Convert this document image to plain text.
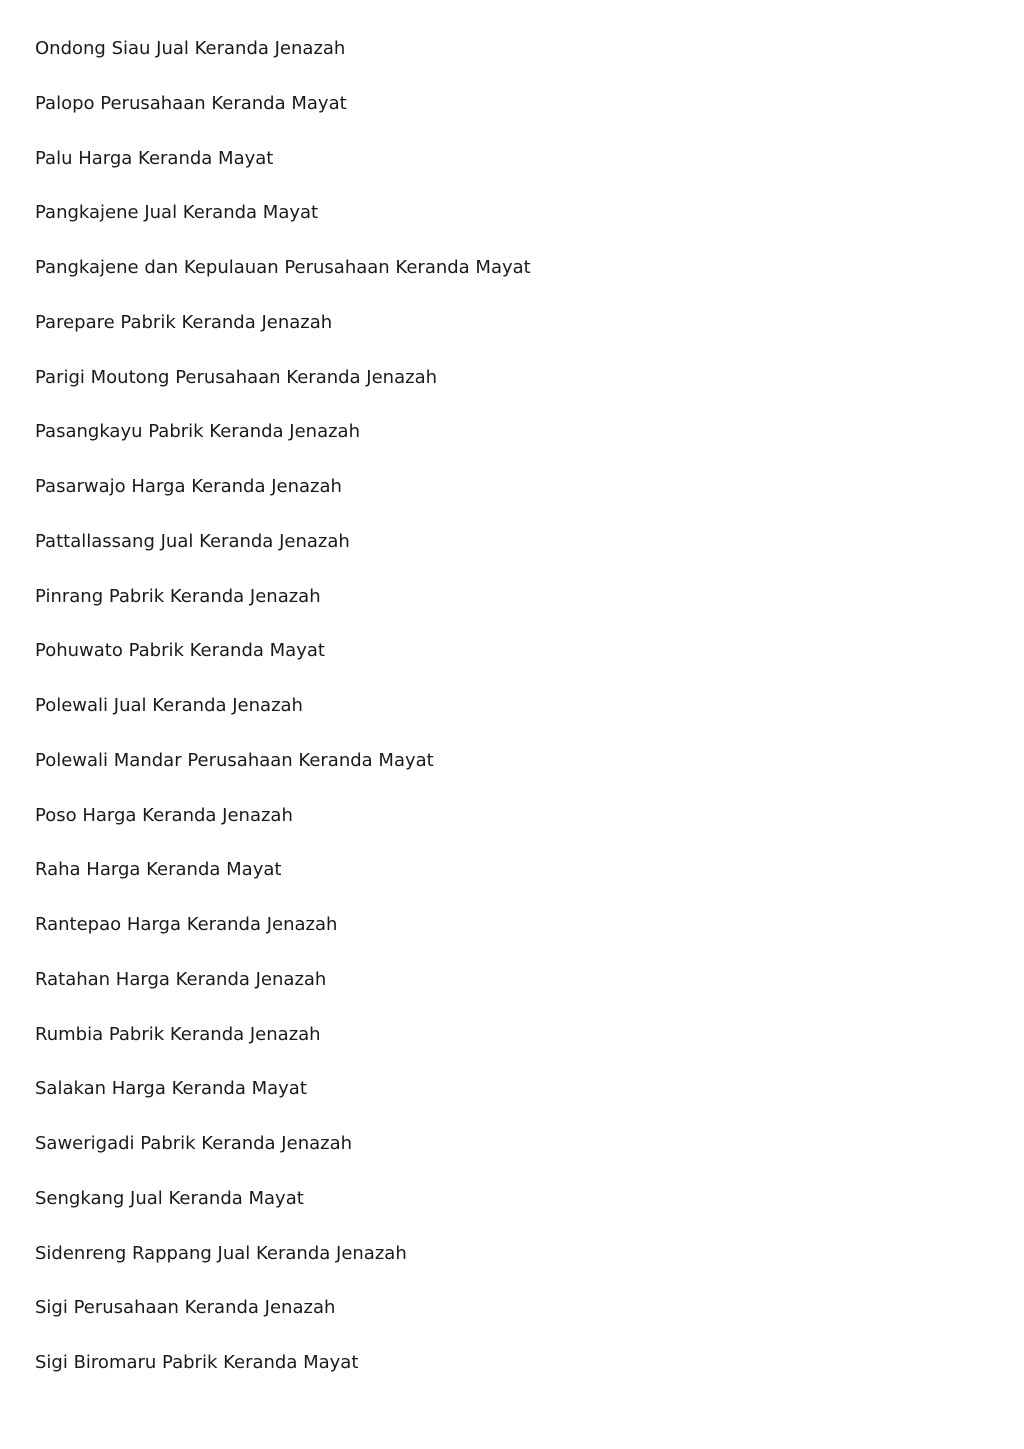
Ondong Siau Jual Keranda Jenazah
Palopo Perusahaan Keranda Mayat
Palu Harga Keranda Mayat
Pangkajene Jual Keranda Mayat
Pangkajene dan Kepulauan Perusahaan Keranda Mayat
Parepare Pabrik Keranda Jenazah
Parigi Moutong Perusahaan Keranda Jenazah
Pasangkayu Pabrik Keranda Jenazah
Pasarwajo Harga Keranda Jenazah
Pattallassang Jual Keranda Jenazah
Pinrang Pabrik Keranda Jenazah
Pohuwato Pabrik Keranda Mayat
Polewali Jual Keranda Jenazah
Polewali Mandar Perusahaan Keranda Mayat
Poso Harga Keranda Jenazah
Raha Harga Keranda Mayat
Rantepao Harga Keranda Jenazah
Ratahan Harga Keranda Jenazah
Rumbia Pabrik Keranda Jenazah
Salakan Harga Keranda Mayat
Sawerigadi Pabrik Keranda Jenazah
Sengkang Jual Keranda Mayat
Sidenreng Rappang Jual Keranda Jenazah
Sigi Perusahaan Keranda Jenazah
Sigi Biromaru Pabrik Keranda Mayat
